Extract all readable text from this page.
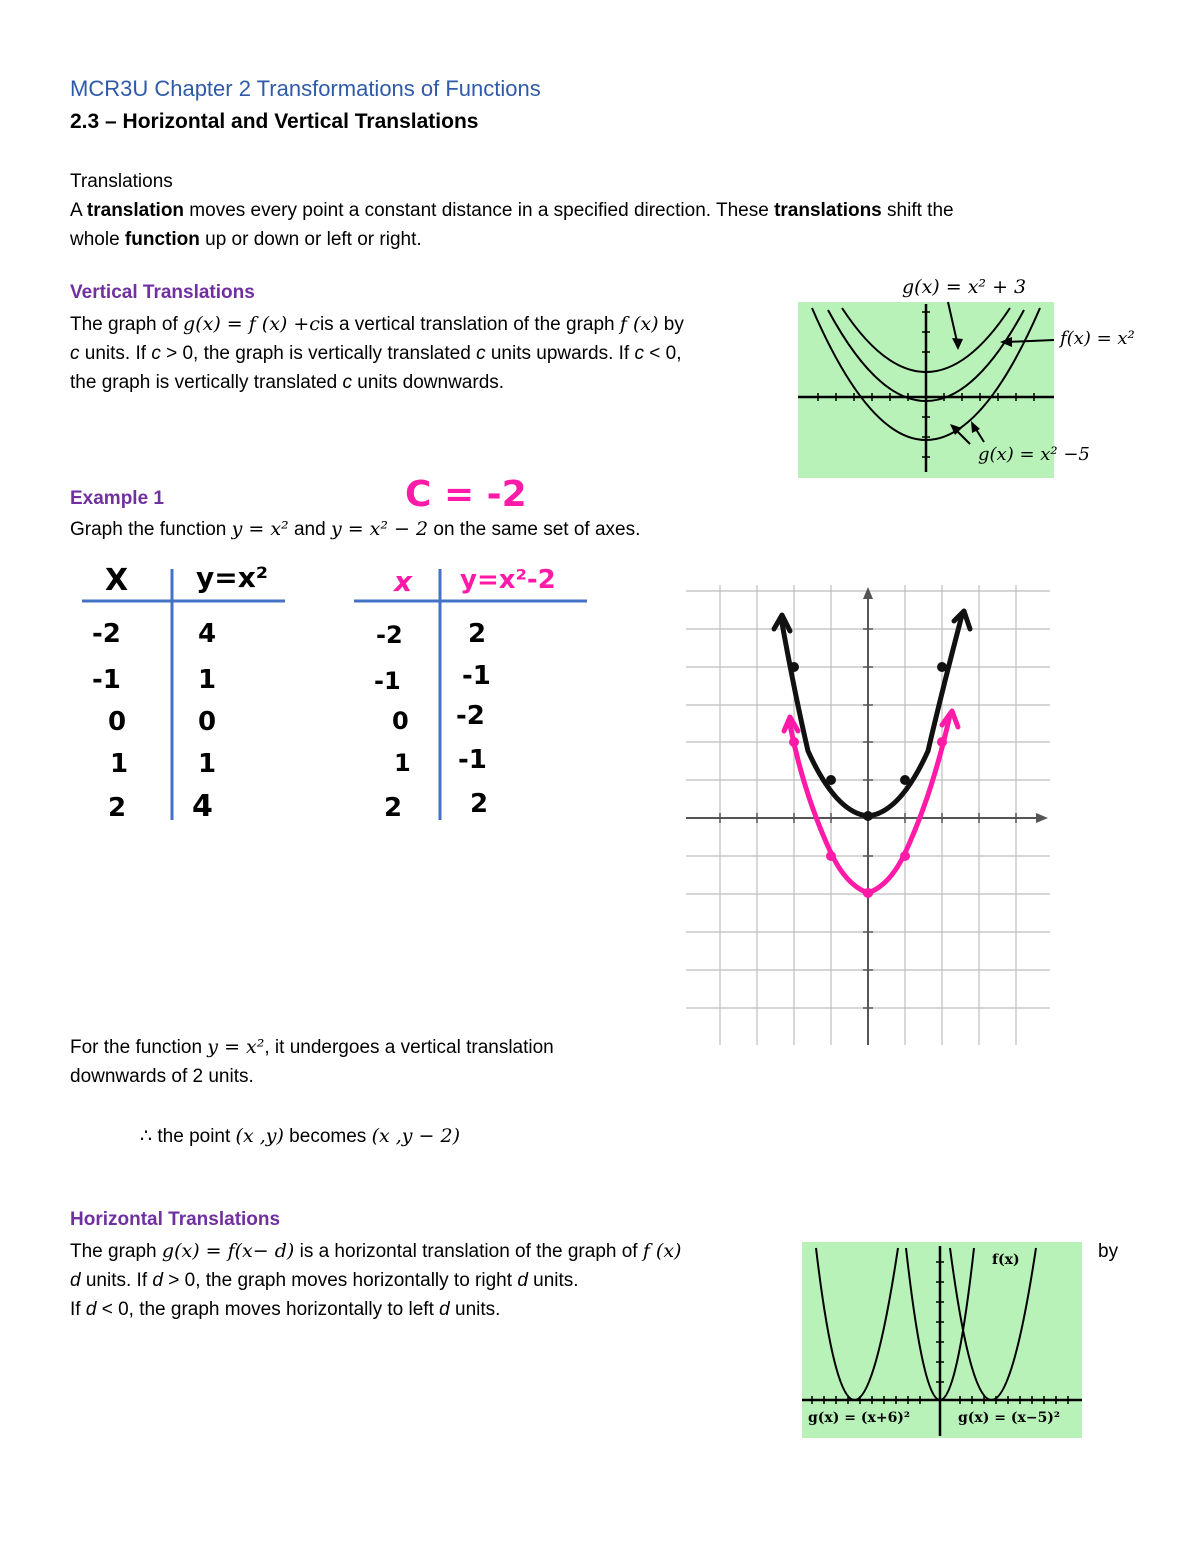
MCR3U Chapter 2 Transformations of Functions
2.3 – Horizontal and Vertical Translations
Translations
A translation moves every point a constant distance in a specified direction. These translations shift the
whole function up or down or left or right.
Vertical Translations
The graph of g(x) = f (x) +cis a vertical translation of the graph f (x) by
c units. If c > 0, the graph is vertically translated c units upwards. If c < 0,
the graph is vertically translated c units downwards.
g(x) = x² + 3
f(x) = x²
g(x) = x² −5
Example 1	C = -2
Graph the function y = x² and y = x² − 2 on the same set of axes.
X y=x²
-2	4
-1	1
0	0
1	1
2 4
x y=x²-2
-2	2
-1 -1
0 -2
1 -1
2	2
For the function y = x², it undergoes a vertical translation
downwards of 2 units.
∴ the point (x ,y) becomes (x ,y − 2)
Horizontal Translations
The graph g(x) = f(x− d) is a horizontal translation of the graph of f (x)
d units. If d > 0, the graph moves horizontally to right d units.
If d < 0, the graph moves horizontally to left d units.
by
f(x)
g(x) = (x+6)²	g(x) = (x−5)²
